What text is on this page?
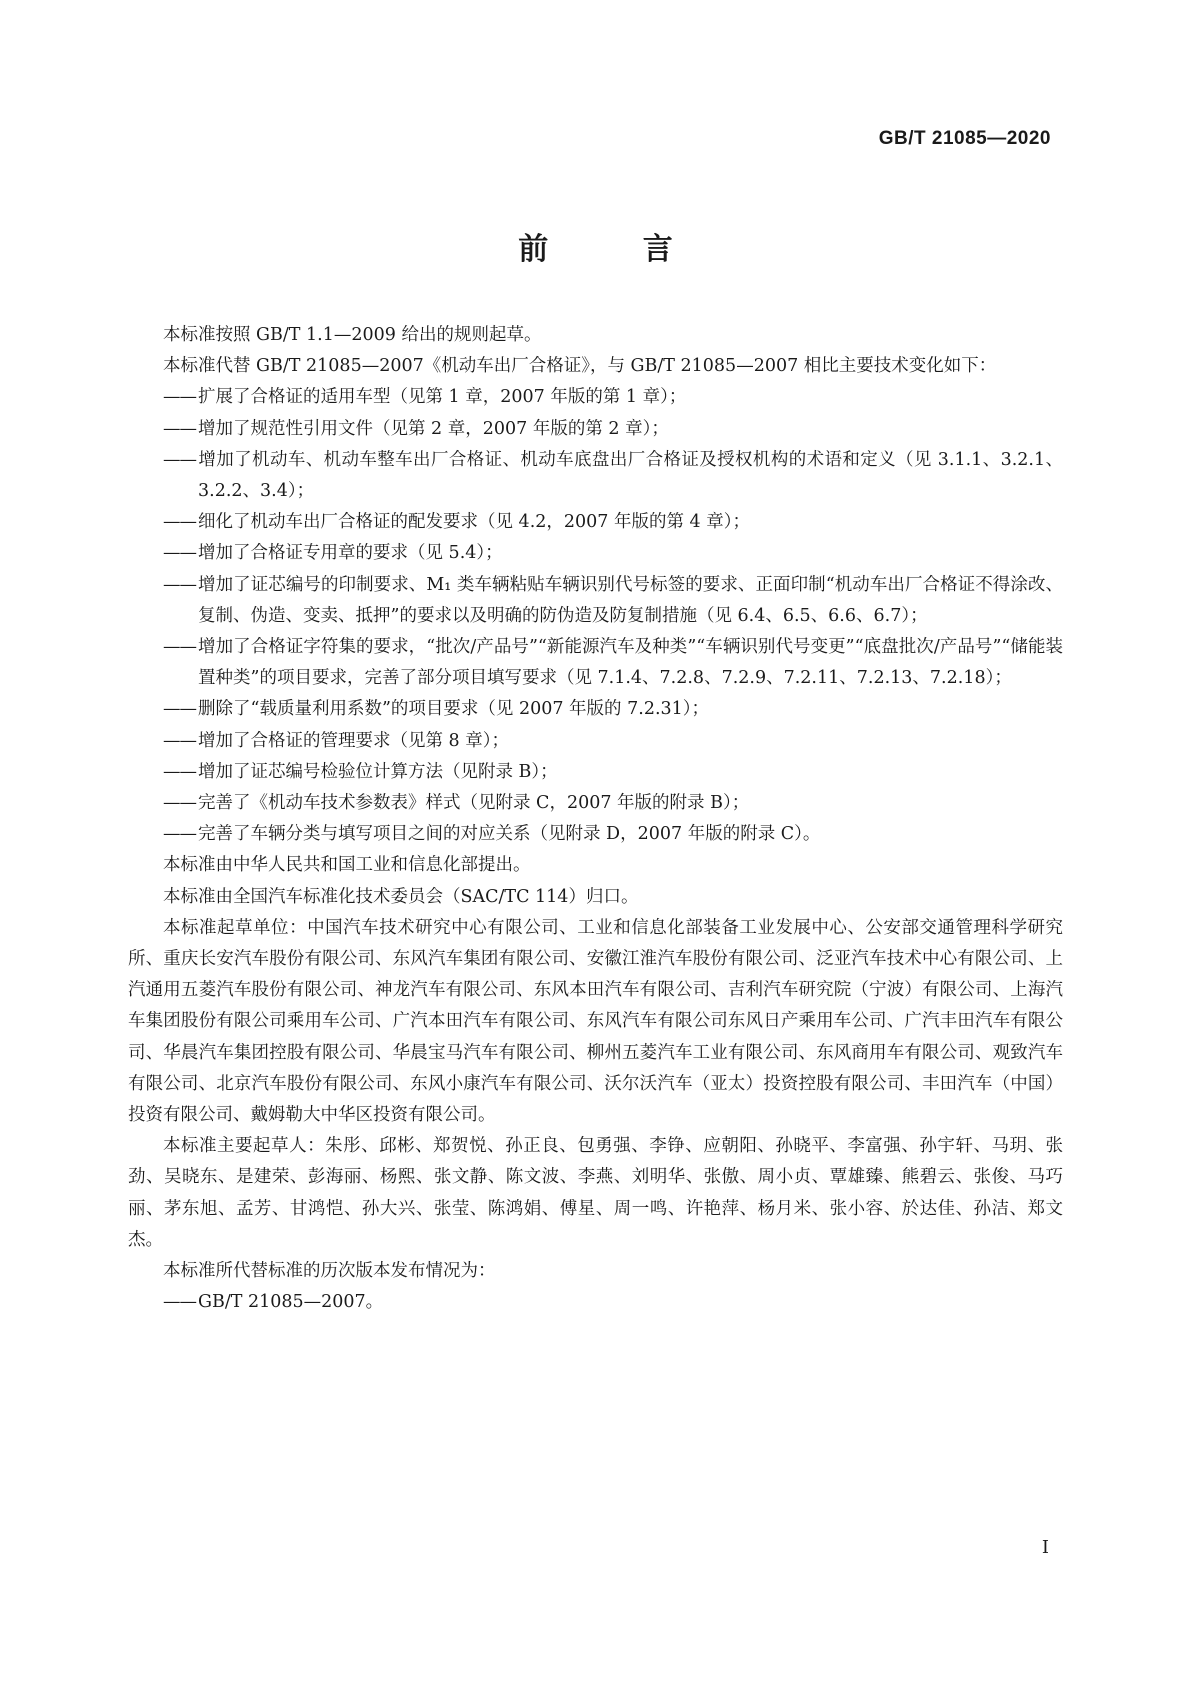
GB/T 21085—2020
前 言

本标准按照 GB/T 1.1—2009 给出的规则起草。

本标准代替 GB/T 21085—2007《机动车出厂合格证》，与 GB/T 21085—2007 相比主要技术变化如下：

—— 扩展了合格证的适用车型（见第 1 章，2007 年版的第 1 章）；

—— 增加了规范性引用文件（见第 2 章，2007 年版的第 2 章）；

—— 增加了机动车、机动车整车出厂合格证、机动车底盘出厂合格证及授权机构的术语和定义（见 3.1.1、3.2.1、3.2.2、3.4）；

—— 细化了机动车出厂合格证的配发要求（见 4.2，2007 年版的第 4 章）；

—— 增加了合格证专用章的要求（见 5.4）；

—— 增加了证芯编号的印制要求、M₁ 类车辆粘贴车辆识别代号标签的要求、正面印制“机动车出厂合格证不得涂改、复制、伪造、变卖、抵押”的要求以及明确的防伪造及防复制措施（见 6.4、6.5、6.6、6.7）；

—— 增加了合格证字符集的要求，“批次/产品号”“新能源汽车及种类”“车辆识别代号变更”“底盘批次/产品号”“储能装置种类”的项目要求，完善了部分项目填写要求（见 7.1.4、7.2.8、7.2.9、7.2.11、7.2.13、7.2.18）；

—— 删除了“载质量利用系数”的项目要求（见 2007 年版的 7.2.31）；

—— 增加了合格证的管理要求（见第 8 章）；

—— 增加了证芯编号检验位计算方法（见附录 B）；

—— 完善了《机动车技术参数表》样式（见附录 C，2007 年版的附录 B）；

—— 完善了车辆分类与填写项目之间的对应关系（见附录 D，2007 年版的附录 C）。

本标准由中华人民共和国工业和信息化部提出。

本标准由全国汽车标准化技术委员会（SAC/TC 114）归口。

本标准起草单位：中国汽车技术研究中心有限公司、工业和信息化部装备工业发展中心、公安部交通管理科学研究所、重庆长安汽车股份有限公司、东风汽车集团有限公司、安徽江淮汽车股份有限公司、泛亚汽车技术中心有限公司、上汽通用五菱汽车股份有限公司、神龙汽车有限公司、东风本田汽车有限公司、吉利汽车研究院（宁波）有限公司、上海汽车集团股份有限公司乘用车公司、广汽本田汽车有限公司、东风汽车有限公司东风日产乘用车公司、广汽丰田汽车有限公司、华晨汽车集团控股有限公司、华晨宝马汽车有限公司、柳州五菱汽车工业有限公司、东风商用车有限公司、观致汽车有限公司、北京汽车股份有限公司、东风小康汽车有限公司、沃尔沃汽车（亚太）投资控股有限公司、丰田汽车（中国）投资有限公司、戴姆勒大中华区投资有限公司。

本标准主要起草人：朱彤、邱彬、郑贺悦、孙正良、包勇强、李铮、应朝阳、孙晓平、李富强、孙宇轩、马玥、张劲、吴晓东、是建荣、彭海丽、杨熙、张文静、陈文波、李燕、刘明华、张傲、周小贞、覃雄臻、熊碧云、张俊、马巧丽、茅东旭、孟芳、甘鸿恺、孙大兴、张莹、陈鸿娟、傅星、周一鸣、许艳萍、杨月米、张小容、於达佳、孙洁、郑文杰。

本标准所代替标准的历次版本发布情况为：

—— GB/T 21085—2007。

I
